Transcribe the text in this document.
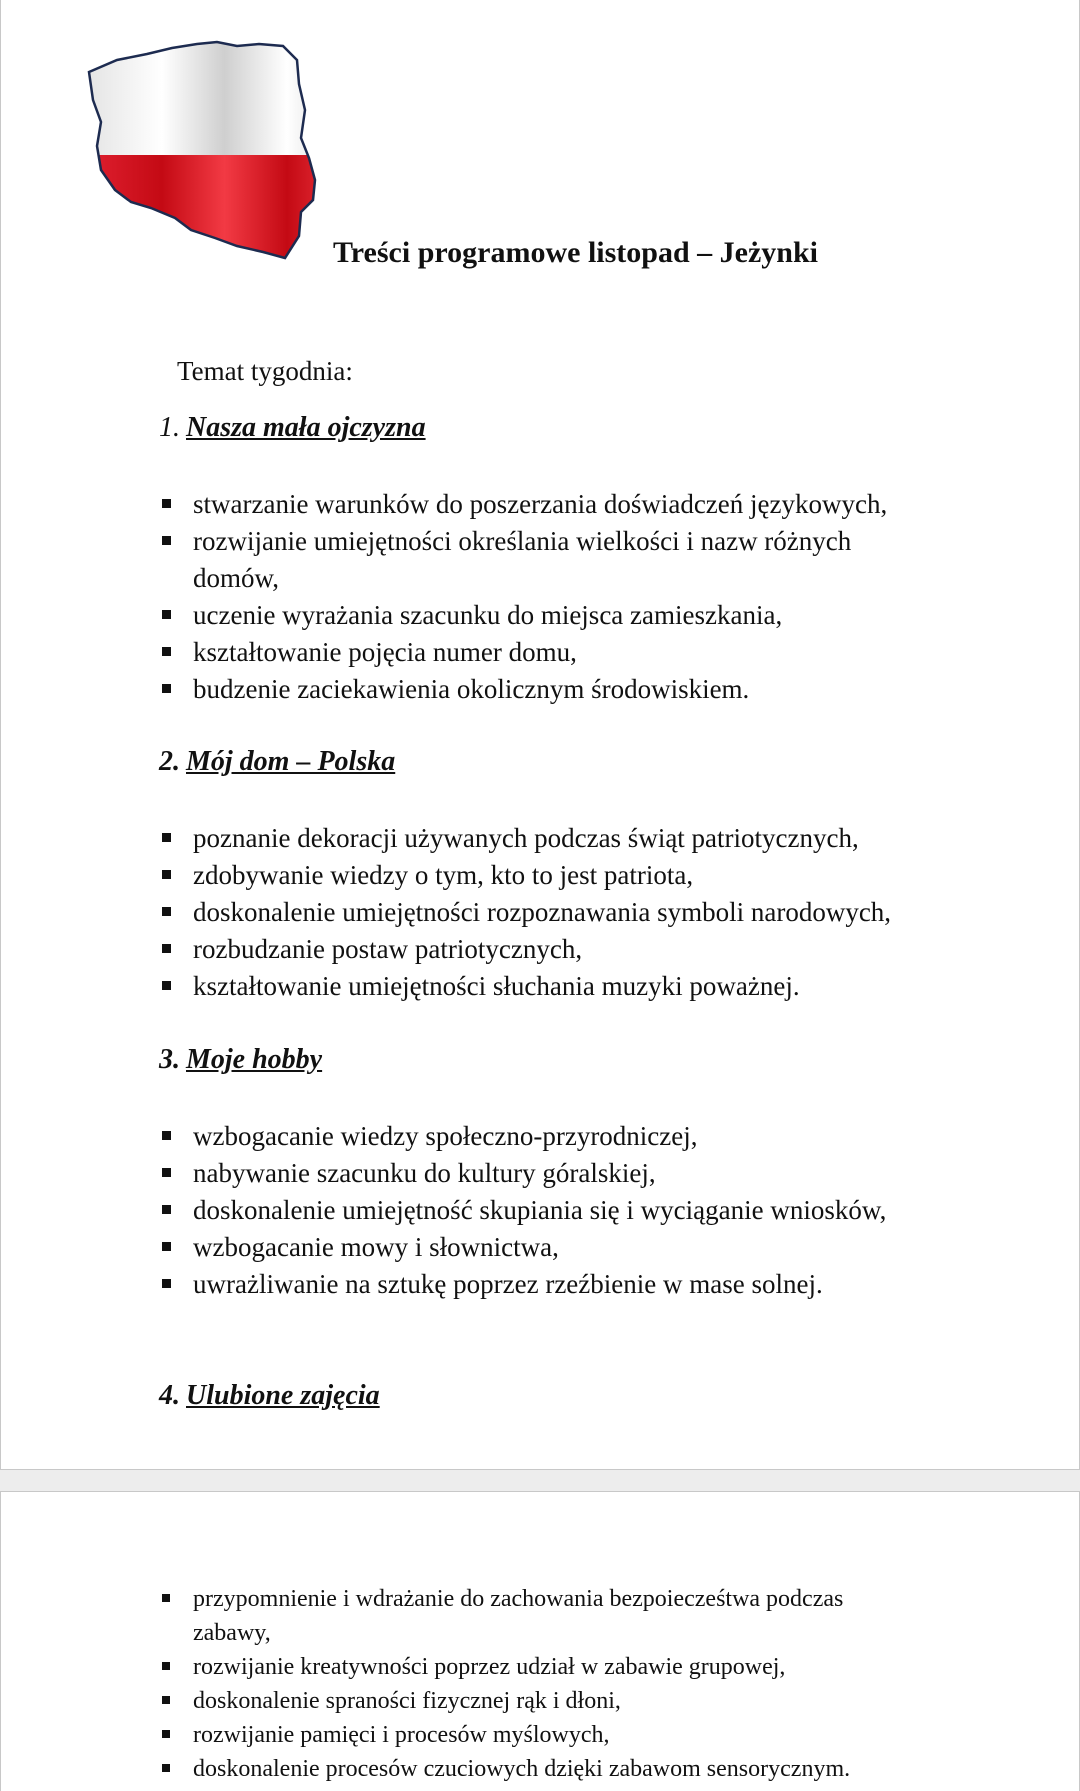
Treści programowe listopad – Jeżynki
Temat tygodnia:
1. Nasza mała ojczyzna
stwarzanie warunków do poszerzania doświadczeń językowych,
rozwijanie umiejętności określania wielkości i nazw różnych domów,
uczenie wyrażania szacunku do miejsca zamieszkania,
kształtowanie pojęcia numer domu,
budzenie zaciekawienia okolicznym środowiskiem.
2. Mój dom – Polska
poznanie dekoracji używanych podczas świąt patriotycznych,
zdobywanie wiedzy o tym, kto to jest patriota,
doskonalenie umiejętności rozpoznawania symboli narodowych,
rozbudzanie postaw patriotycznych,
kształtowanie umiejętności słuchania muzyki poważnej.
3. Moje hobby
wzbogacanie wiedzy społeczno-przyrodniczej,
nabywanie szacunku do kultury góralskiej,
doskonalenie umiejętność skupiania się i wyciąganie wniosków,
wzbogacanie mowy i słownictwa,
uwrażliwanie na sztukę poprzez rzeźbienie w mase solnej.
4. Ulubione zajęcia
przypomnienie i wdrażanie do zachowania bezpoiecześtwa podczas zabawy,
rozwijanie kreatywności poprzez udział w zabawie grupowej,
doskonalenie spraności fizycznej rąk i dłoni,
rozwijanie pamięci i procesów myślowych,
doskonalenie procesów czuciowych dzięki zabawom sensorycznym.
